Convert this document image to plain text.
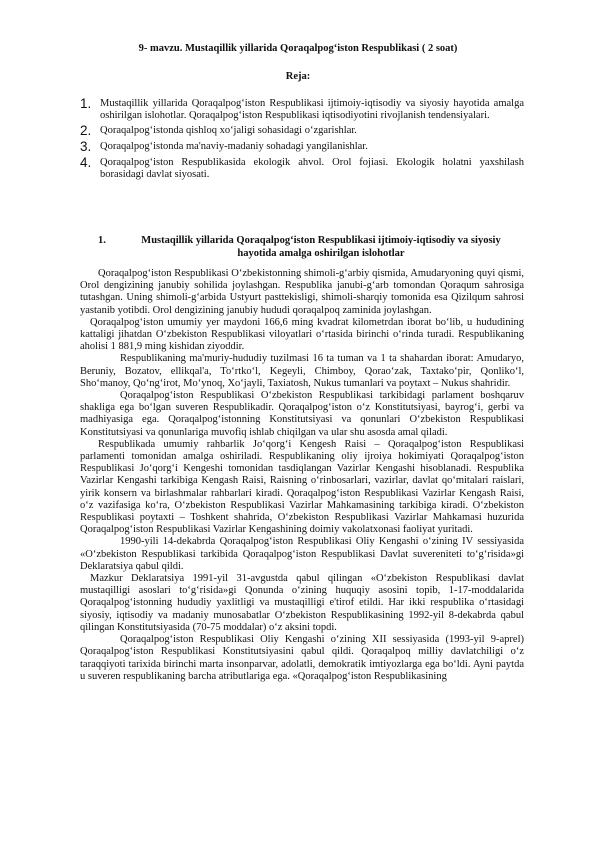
9- mavzu. Mustaqillik yillarida Qoraqalpog‘iston Respublikasi ( 2 soat)
Reja:
1. Mustaqillik yillarida Qoraqalpog‘iston Respublikasi ijtimoiy-iqtisodiy va siyosiy hayotida amalga oshirilgan islohotlar. Qoraqalpog‘iston Respublikasi iqtisodiyotini rivojlanish tendensiyalari.
2. Qoraqalpog‘istonda qishloq xo‘jaligi sohasidagi o‘zgarishlar.
3. Qoraqalpog‘istonda ma'naviy-madaniy sohadagi yangilanishlar.
4. Qoraqalpog‘iston Respublikasida ekologik ahvol. Orol fojiasi. Ekologik holatni yaxshilash borasidagi davlat siyosati.
1.	Mustaqillik yillarida Qoraqalpog‘iston Respublikasi ijtimoiy-iqtisodiy va siyosiy hayotida amalga oshirilgan islohotlar

Qoraqalpog‘iston Respublikasi O‘zbekistonning shimoli-g‘arbiy qismida, Amudaryoning quyi qismi, Orol dengizining janubiy sohilida joylashgan. Respublika janubi-g‘arb tomondan Qoraqum sahrosiga tutashgan. Uning shimoli-g‘arbida Ustyurt pasttekisligi, shimoli-sharqiy tomonida esa Qizilqum sahrosi yastanib yotibdi. Orol dengizining janubiy hududi qoraqalpoq zaminida joylashgan.

Qoraqalpog‘iston umumiy yer maydoni 166,6 ming kvadrat kilometrdan iborat bo‘lib, u hududining kattaligi jihatdan O‘zbekiston Respublikasi viloyatlari o‘rtasida birinchi o‘rinda turadi. Respublikaning aholisi 1 881,9 ming kishidan ziyoddir.

Respublikaning ma'muriy-hududiy tuzilmasi 16 ta tuman va 1 ta shahardan iborat: Amudaryo, Beruniy, Bozatov, ellikqal'a, To‘rtko‘l, Kegeyli, Chimboy, Qorao‘zak, Taxtako‘pir, Qonliko‘l, Sho‘manoy, Qo‘ng‘irot, Mo‘ynoq, Xo‘jayli, Taxiatosh, Nukus tumanlari va poytaxt – Nukus shahridir.

Qoraqalpog‘iston Respublikasi O‘zbekiston Respublikasi tarkibidagi parlament boshqaruv shakliga ega bo‘lgan suveren Respublikadir. Qoraqalpog‘iston o‘z Konstitutsiyasi, bayrog‘i, gerbi va madhiyasiga ega. Qoraqalpog‘istonning Konstitutsiyasi va qonunlari O‘zbekiston Respublikasi Konstitutsiyasi va qonunlariga muvofiq ishlab chiqilgan va ular shu asosda amal qiladi.

Respublikada umumiy rahbarlik Jo‘qorg‘i Kengesh Raisi – Qoraqalpog‘iston Respublikasi parlamenti tomonidan amalga oshiriladi. Respublikaning oliy ijroiya hokimiyati Qoraqalpog‘iston Respublikasi Jo‘qorg‘i Kengeshi tomonidan tasdiqlangan Vazirlar Kengashi hisoblanadi. Respublika Vazirlar Kengashi tarkibiga Kengash Raisi, Raisning o‘rinbosarlari, vazirlar, davlat qo‘mitalari raislari, yirik konsern va birlashmalar rahbarlari kiradi. Qoraqalpog‘iston Respublikasi Vazirlar Kengash Raisi, o‘z vazifasiga ko‘ra, O‘zbekiston Respublikasi Vazirlar Mahkamasining tarkibiga kiradi. O‘zbekiston Respublikasi poytaxti – Toshkent shahrida, O‘zbekiston Respublikasi Vazirlar Mahkamasi huzurida Qoraqalpog‘iston Respublikasi Vazirlar Kengashining doimiy vakolatxonasi faoliyat yuritadi.

1990-yili 14-dekabrda Qoraqalpog‘iston Respublikasi Oliy Kengashi o‘zining IV sessiyasida «O‘zbekiston Respublikasi tarkibida Qoraqalpog‘iston Respublikasi Davlat suvereniteti to‘g‘risida»gi Deklaratsiya qabul qildi.

Mazkur Deklaratsiya 1991-yil 31-avgustda qabul qilingan «O‘zbekiston Respublikasi davlat mustaqilligi asoslari to‘g‘risida»gi Qonunda o‘zining huquqiy asosini topib, 1-17-moddalarida Qoraqalpog‘istonning hududiy yaxlitligi va mustaqilligi e'tirof etildi. Har ikki respublika o‘rtasidagi siyosiy, iqtisodiy va madaniy munosabatlar O‘zbekiston Respublikasining 1992-yil 8-dekabrda qabul qilingan Konstitutsiyasida (70-75 moddalar) o‘z aksini topdi.

Qoraqalpog‘iston Respublikasi Oliy Kengashi o‘zining XII sessiyasida (1993-yil 9-aprel) Qoraqalpog‘iston Respublikasi Konstitutsiyasini qabul qildi. Qoraqalpoq milliy davlatchiligi o‘z taraqqiyoti tarixida birinchi marta insonparvar, adolatli, demokratik imtiyozlarga ega bo‘ldi. Ayni paytda u suveren respublikaning barcha atributlariga ega. «Qoraqalpog‘iston Respublikasining
